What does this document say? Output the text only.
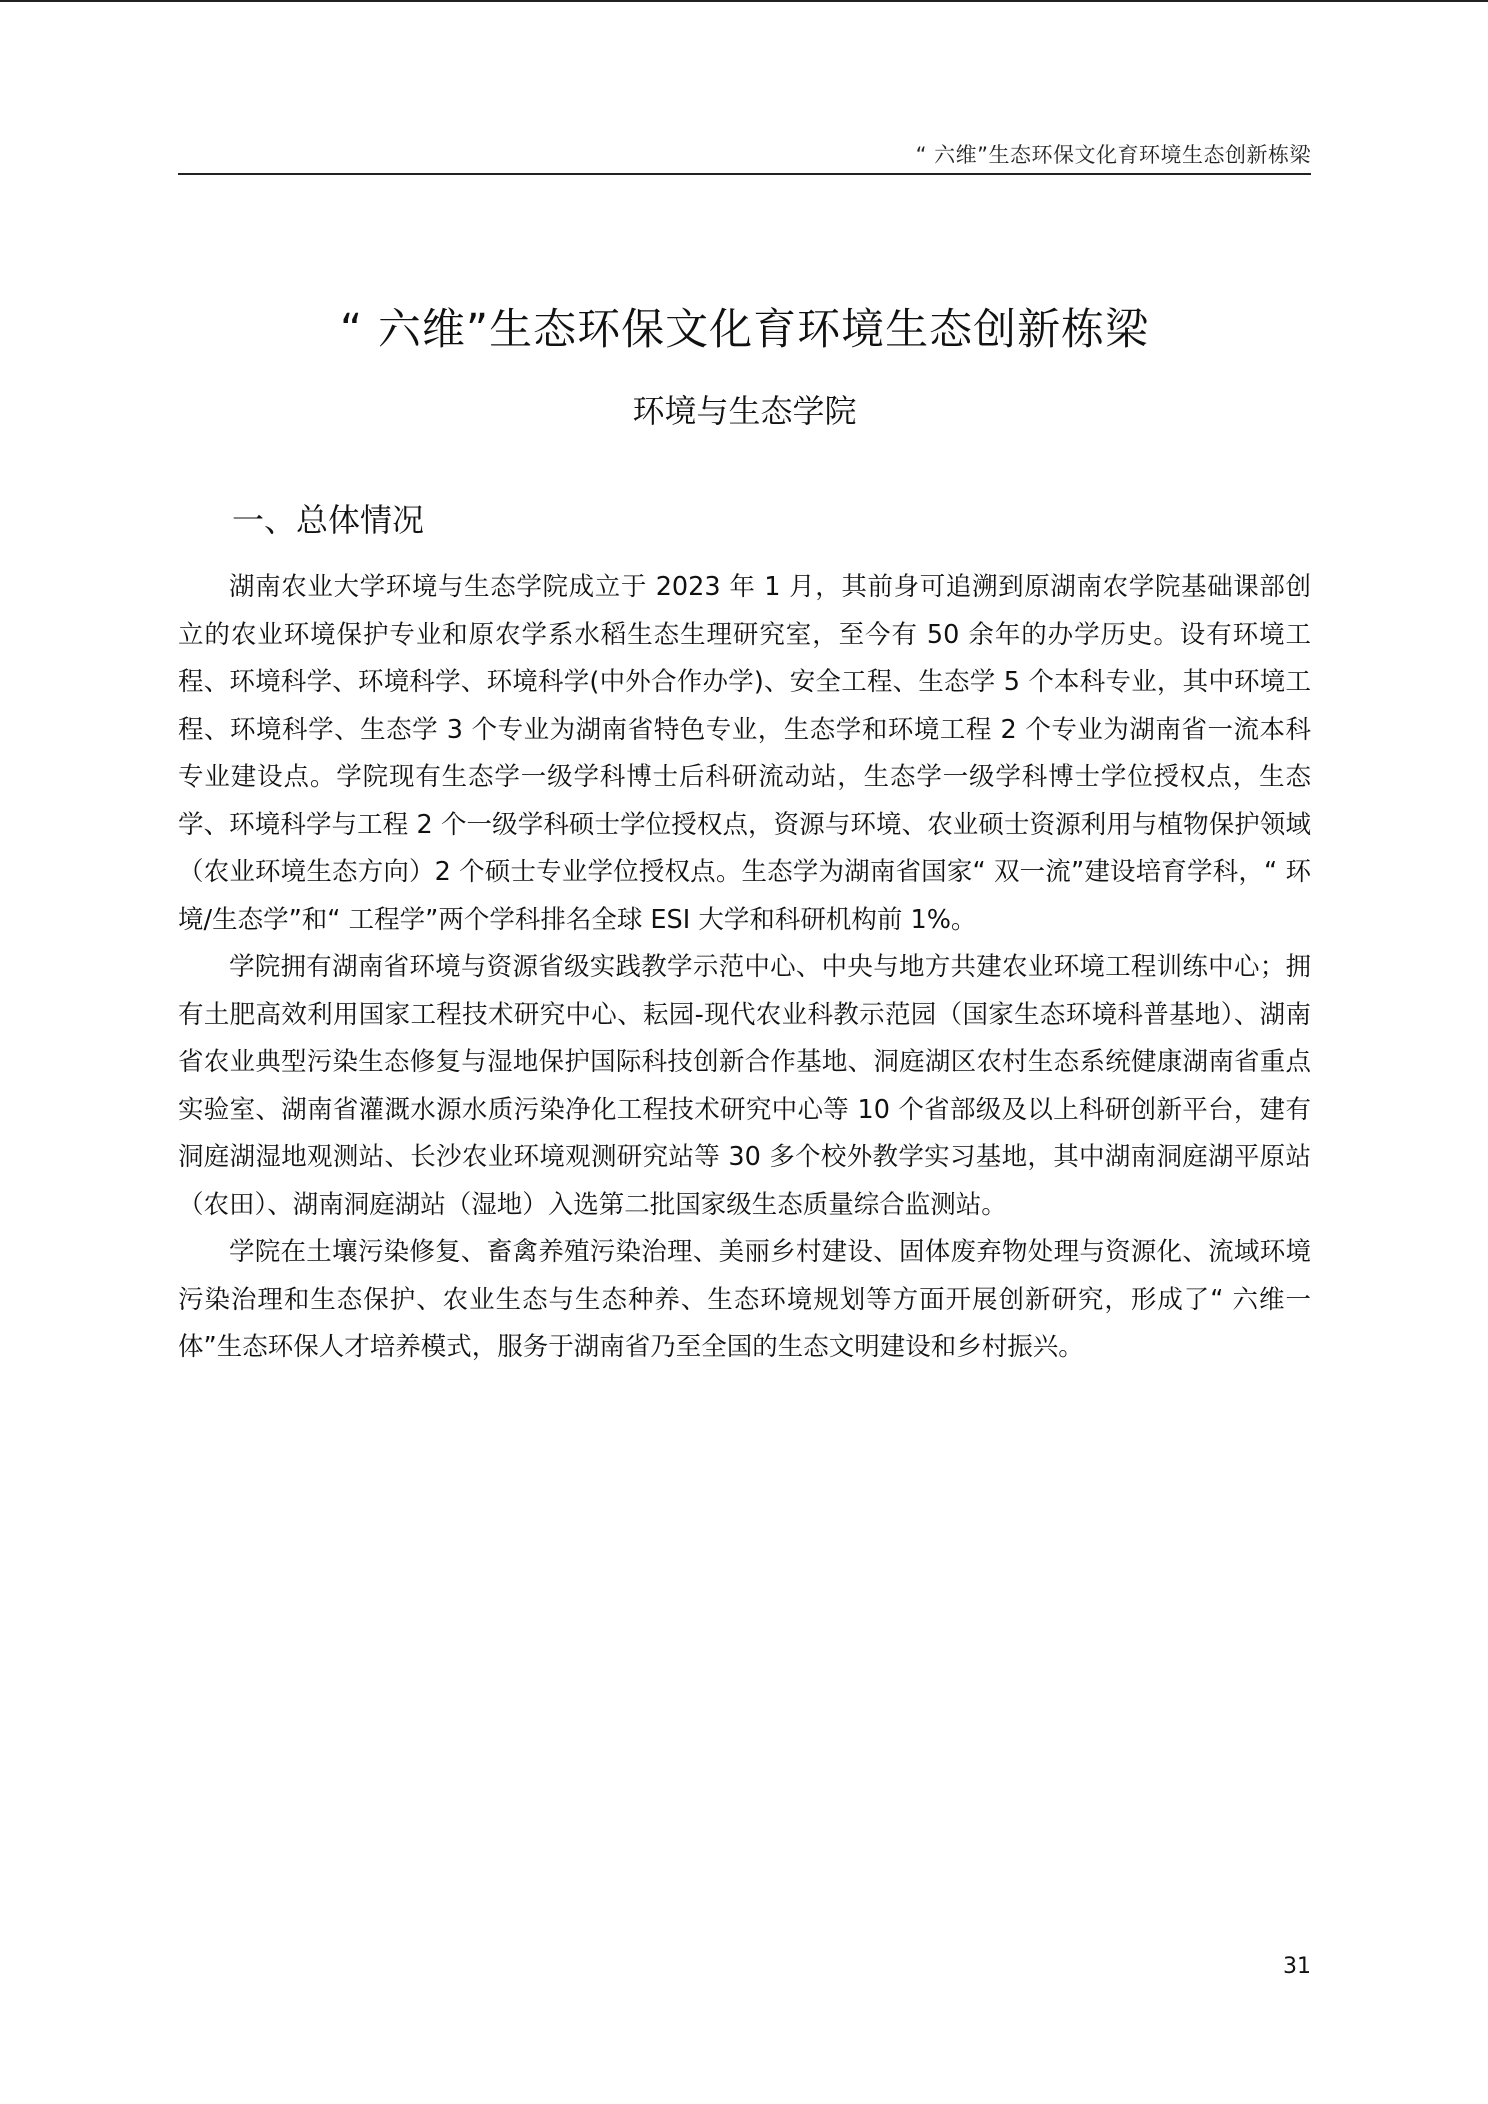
“ 六维”生态环保文化育环境生态创新栋梁
“ 六维”生态环保文化育环境生态创新栋梁
环境与生态学院
一、总体情况

湖南农业大学环境与生态学院成立于 2023 年 1 月，其前身可追溯到原湖南农学院基础课部创立的农业环境保护专业和原农学系水稻生态生理研究室，至今有 50 余年的办学历史。设有环境工程、环境科学、环境科学、环境科学(中外合作办学)、安全工程、生态学 5 个本科专业，其中环境工程、环境科学、生态学 3 个专业为湖南省特色专业，生态学和环境工程 2 个专业为湖南省一流本科专业建设点。学院现有生态学一级学科博士后科研流动站，生态学一级学科博士学位授权点，生态学、环境科学与工程 2 个一级学科硕士学位授权点，资源与环境、农业硕士资源利用与植物保护领域（农业环境生态方向）2 个硕士专业学位授权点。生态学为湖南省国家“ 双一流”建设培育学科，“ 环境/生态学”和“ 工程学”两个学科排名全球 ESI 大学和科研机构前 1%。

学院拥有湖南省环境与资源省级实践教学示范中心、中央与地方共建农业环境工程训练中心；拥有土肥高效利用国家工程技术研究中心、耘园-现代农业科教示范园（国家生态环境科普基地）、湖南省农业典型污染生态修复与湿地保护国际科技创新合作基地、洞庭湖区农村生态系统健康湖南省重点实验室、湖南省灌溉水源水质污染净化工程技术研究中心等 10 个省部级及以上科研创新平台，建有洞庭湖湿地观测站、长沙农业环境观测研究站等 30 多个校外教学实习基地，其中湖南洞庭湖平原站（农田）、湖南洞庭湖站（湿地）入选第二批国家级生态质量综合监测站。

学院在土壤污染修复、畜禽养殖污染治理、美丽乡村建设、固体废弃物处理与资源化、流域环境污染治理和生态保护、农业生态与生态种养、生态环境规划等方面开展创新研究，形成了“ 六维一体”生态环保人才培养模式，服务于湖南省乃至全国的生态文明建设和乡村振兴。

31
